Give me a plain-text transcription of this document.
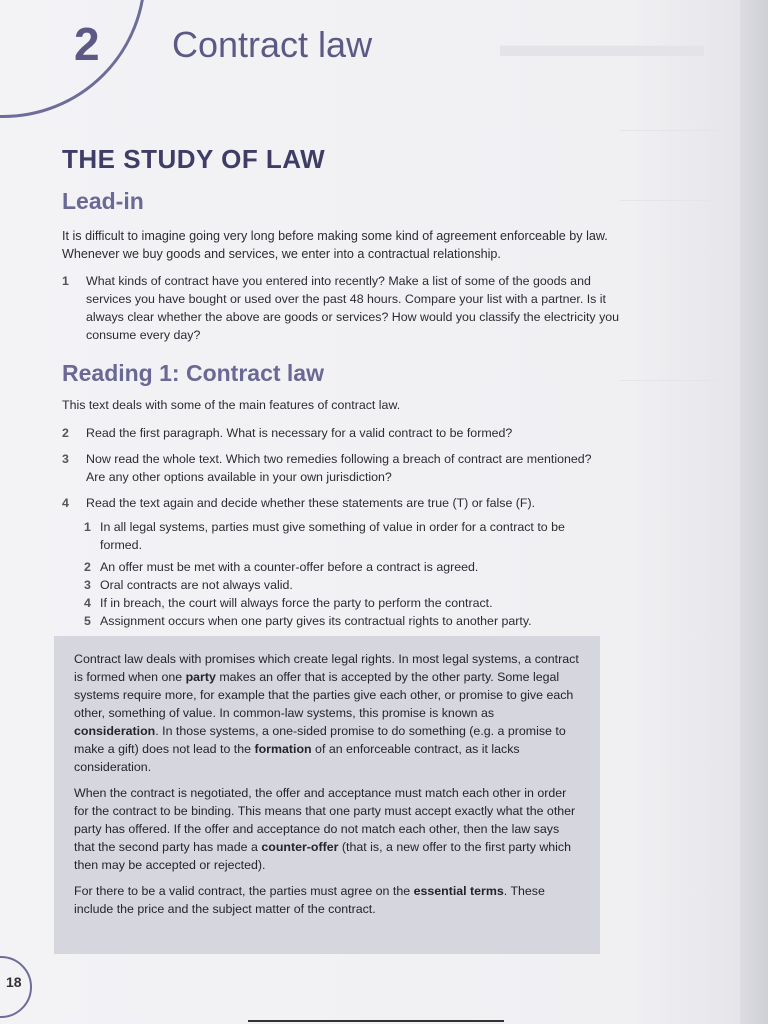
▬▬▬▬▬▬
2 Contract law
THE STUDY OF LAW
Lead-in
It is difficult to imagine going very long before making some kind of agreement enforceable by law. Whenever we buy goods and services, we enter into a contractual relationship.
1 What kinds of contract have you entered into recently? Make a list of some of the goods and services you have bought or used over the past 48 hours. Compare your list with a partner. Is it always clear whether the above are goods or services? How would you classify the electricity you consume every day?
Reading 1: Contract law
This text deals with some of the main features of contract law.
2 Read the first paragraph. What is necessary for a valid contract to be formed?
3 Now read the whole text. Which two remedies following a breach of contract are mentioned? Are any other options available in your own jurisdiction?
4 Read the text again and decide whether these statements are true (T) or false (F).
1 In all legal systems, parties must give something of value in order for a contract to be formed.
2 An offer must be met with a counter-offer before a contract is agreed.
3 Oral contracts are not always valid.
4 If in breach, the court will always force the party to perform the contract.
5 Assignment occurs when one party gives its contractual rights to another party.

Contract law deals with promises which create legal rights. In most legal systems, a contract is formed when one party makes an offer that is accepted by the other party. Some legal systems require more, for example that the parties give each other, or promise to give each other, something of value. In common-law systems, this promise is known as consideration. In those systems, a one-sided promise to do something (e.g. a promise to make a gift) does not lead to the formation of an enforceable contract, as it lacks consideration.

When the contract is negotiated, the offer and acceptance must match each other in order for the contract to be binding. This means that one party must accept exactly what the other party has offered. If the offer and acceptance do not match each other, then the law says that the second party has made a counter-offer (that is, a new offer to the first party which then may be accepted or rejected).

For there to be a valid contract, the parties must agree on the essential terms. These include the price and the subject matter of the contract.

18
